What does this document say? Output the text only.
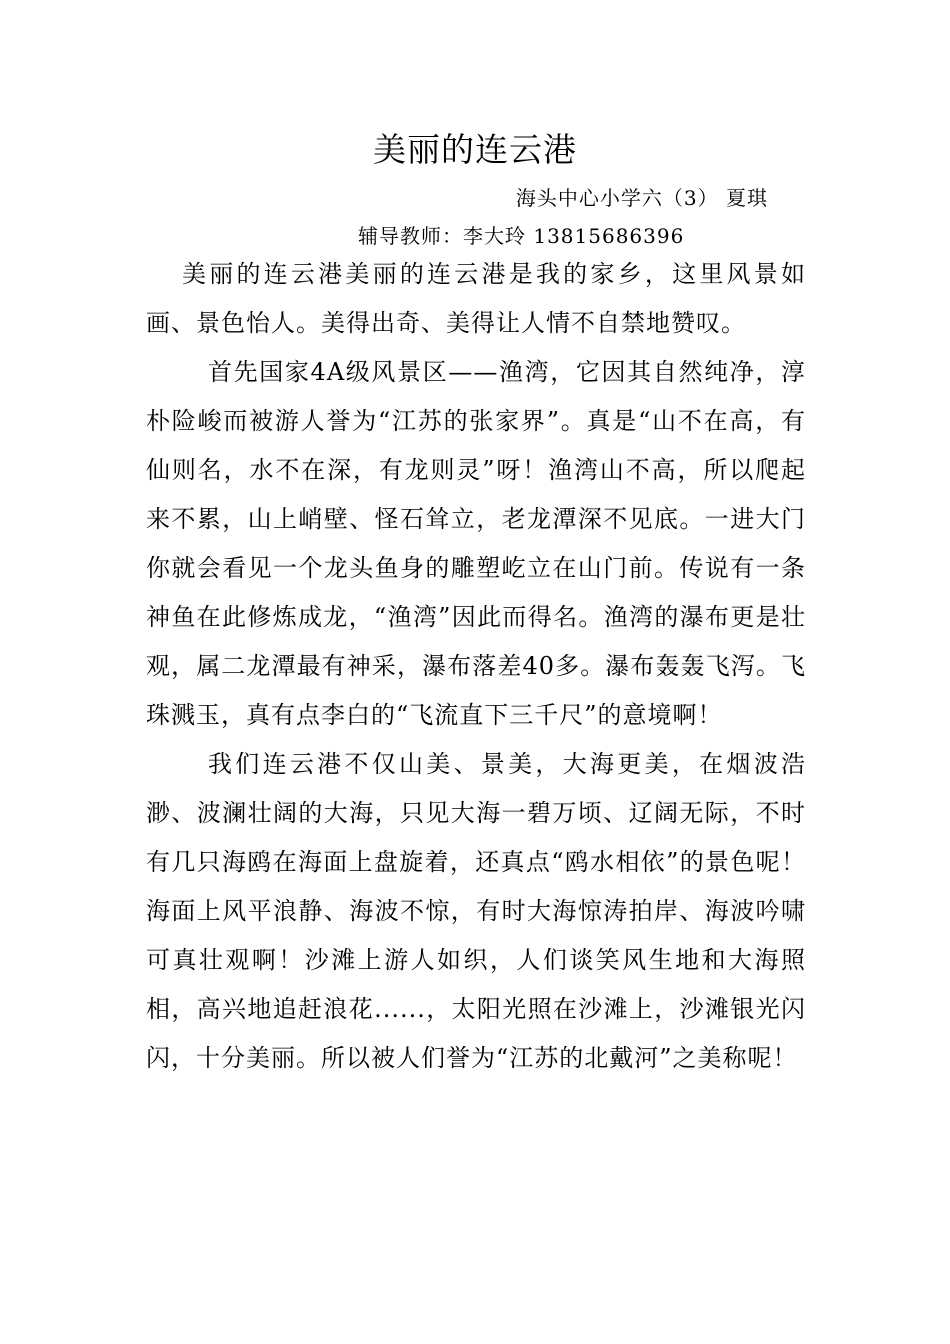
美丽的连云港
海头中心小学六（3） 夏琪
辅导教师：李大玲 13815686396

美丽的连云港美丽的连云港是我的家乡，这里风景如画、景色怡人。美得出奇、美得让人情不自禁地赞叹。

首先国家4A级风景区——渔湾，它因其自然纯净，淳朴险峻而被游人誉为“江苏的张家界”。真是“山不在高，有仙则名，水不在深，有龙则灵”呀！渔湾山不高，所以爬起来不累，山上峭壁、怪石耸立，老龙潭深不见底。一进大门你就会看见一个龙头鱼身的雕塑屹立在山门前。传说有一条神鱼在此修炼成龙，“渔湾”因此而得名。渔湾的瀑布更是壮观，属二龙潭最有神采，瀑布落差40多。瀑布轰轰飞泻。飞珠溅玉，真有点李白的“飞流直下三千尺”的意境啊！

我们连云港不仅山美、景美，大海更美，在烟波浩渺、波澜壮阔的大海，只见大海一碧万顷、辽阔无际，不时有几只海鸥在海面上盘旋着，还真点“鸥水相依”的景色呢！海面上风平浪静、海波不惊，有时大海惊涛拍岸、海波吟啸可真壮观啊！沙滩上游人如织，人们谈笑风生地和大海照相，高兴地追赶浪花......，太阳光照在沙滩上，沙滩银光闪闪，十分美丽。所以被人们誉为“江苏的北戴河”之美称呢！
